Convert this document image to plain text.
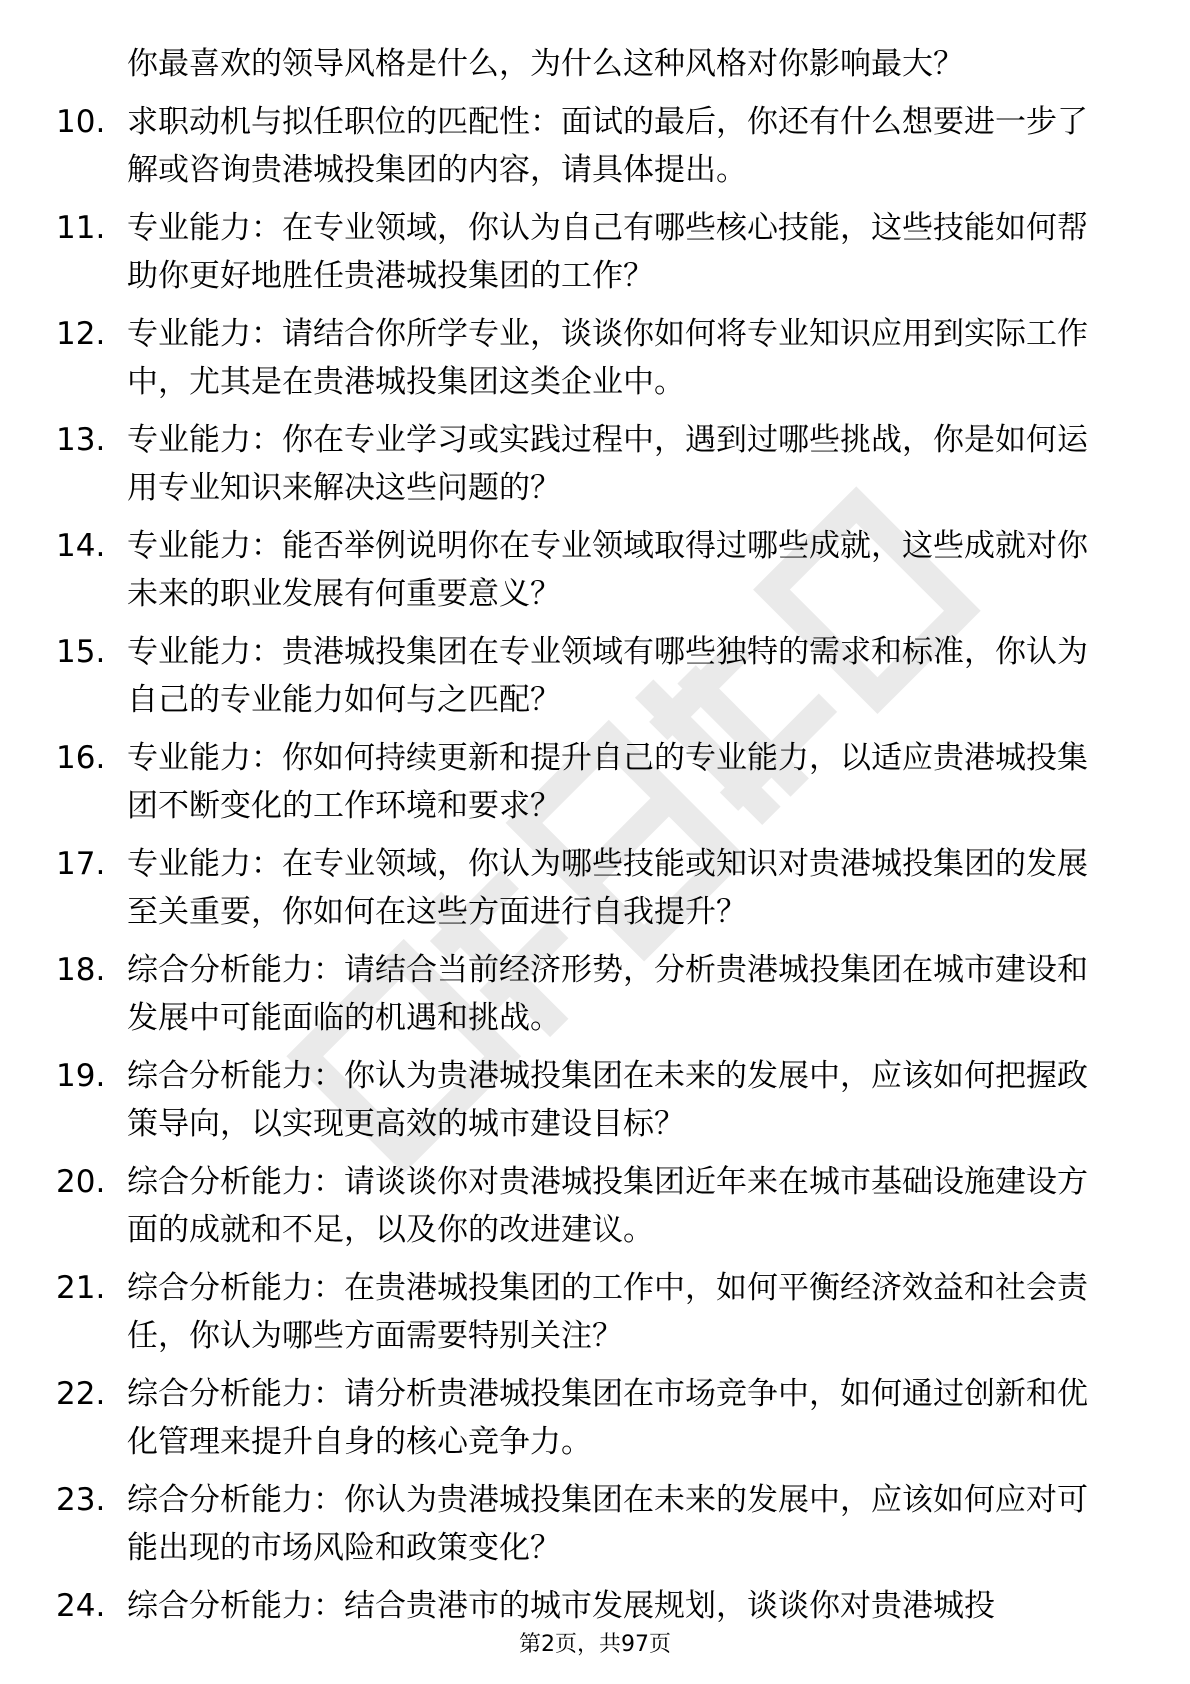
你最喜欢的领导风格是什么，为什么这种风格对你影响最大？
10. 求职动机与拟任职位的匹配性：面试的最后，你还有什么想要进一步了解或咨询贵港城投集团的内容，请具体提出。
11. 专业能力：在专业领域，你认为自己有哪些核心技能，这些技能如何帮助你更好地胜任贵港城投集团的工作？
12. 专业能力：请结合你所学专业，谈谈你如何将专业知识应用到实际工作中，尤其是在贵港城投集团这类企业中。
13. 专业能力：你在专业学习或实践过程中，遇到过哪些挑战，你是如何运用专业知识来解决这些问题的？
14. 专业能力：能否举例说明你在专业领域取得过哪些成就，这些成就对你未来的职业发展有何重要意义？
15. 专业能力：贵港城投集团在专业领域有哪些独特的需求和标准，你认为自己的专业能力如何与之匹配？
16. 专业能力：你如何持续更新和提升自己的专业能力，以适应贵港城投集团不断变化的工作环境和要求？
17. 专业能力：在专业领域，你认为哪些技能或知识对贵港城投集团的发展至关重要，你如何在这些方面进行自我提升？
18. 综合分析能力：请结合当前经济形势，分析贵港城投集团在城市建设和发展中可能面临的机遇和挑战。
19. 综合分析能力：你认为贵港城投集团在未来的发展中，应该如何把握政策导向，以实现更高效的城市建设目标？
20. 综合分析能力：请谈谈你对贵港城投集团近年来在城市基础设施建设方面的成就和不足，以及你的改进建议。
21. 综合分析能力：在贵港城投集团的工作中，如何平衡经济效益和社会责任，你认为哪些方面需要特别关注？
22. 综合分析能力：请分析贵港城投集团在市场竞争中，如何通过创新和优化管理来提升自身的核心竞争力。
23. 综合分析能力：你认为贵港城投集团在未来的发展中，应该如何应对可能出现的市场风险和政策变化？
24. 综合分析能力：结合贵港市的城市发展规划，谈谈你对贵港城投
第2页，共97页
